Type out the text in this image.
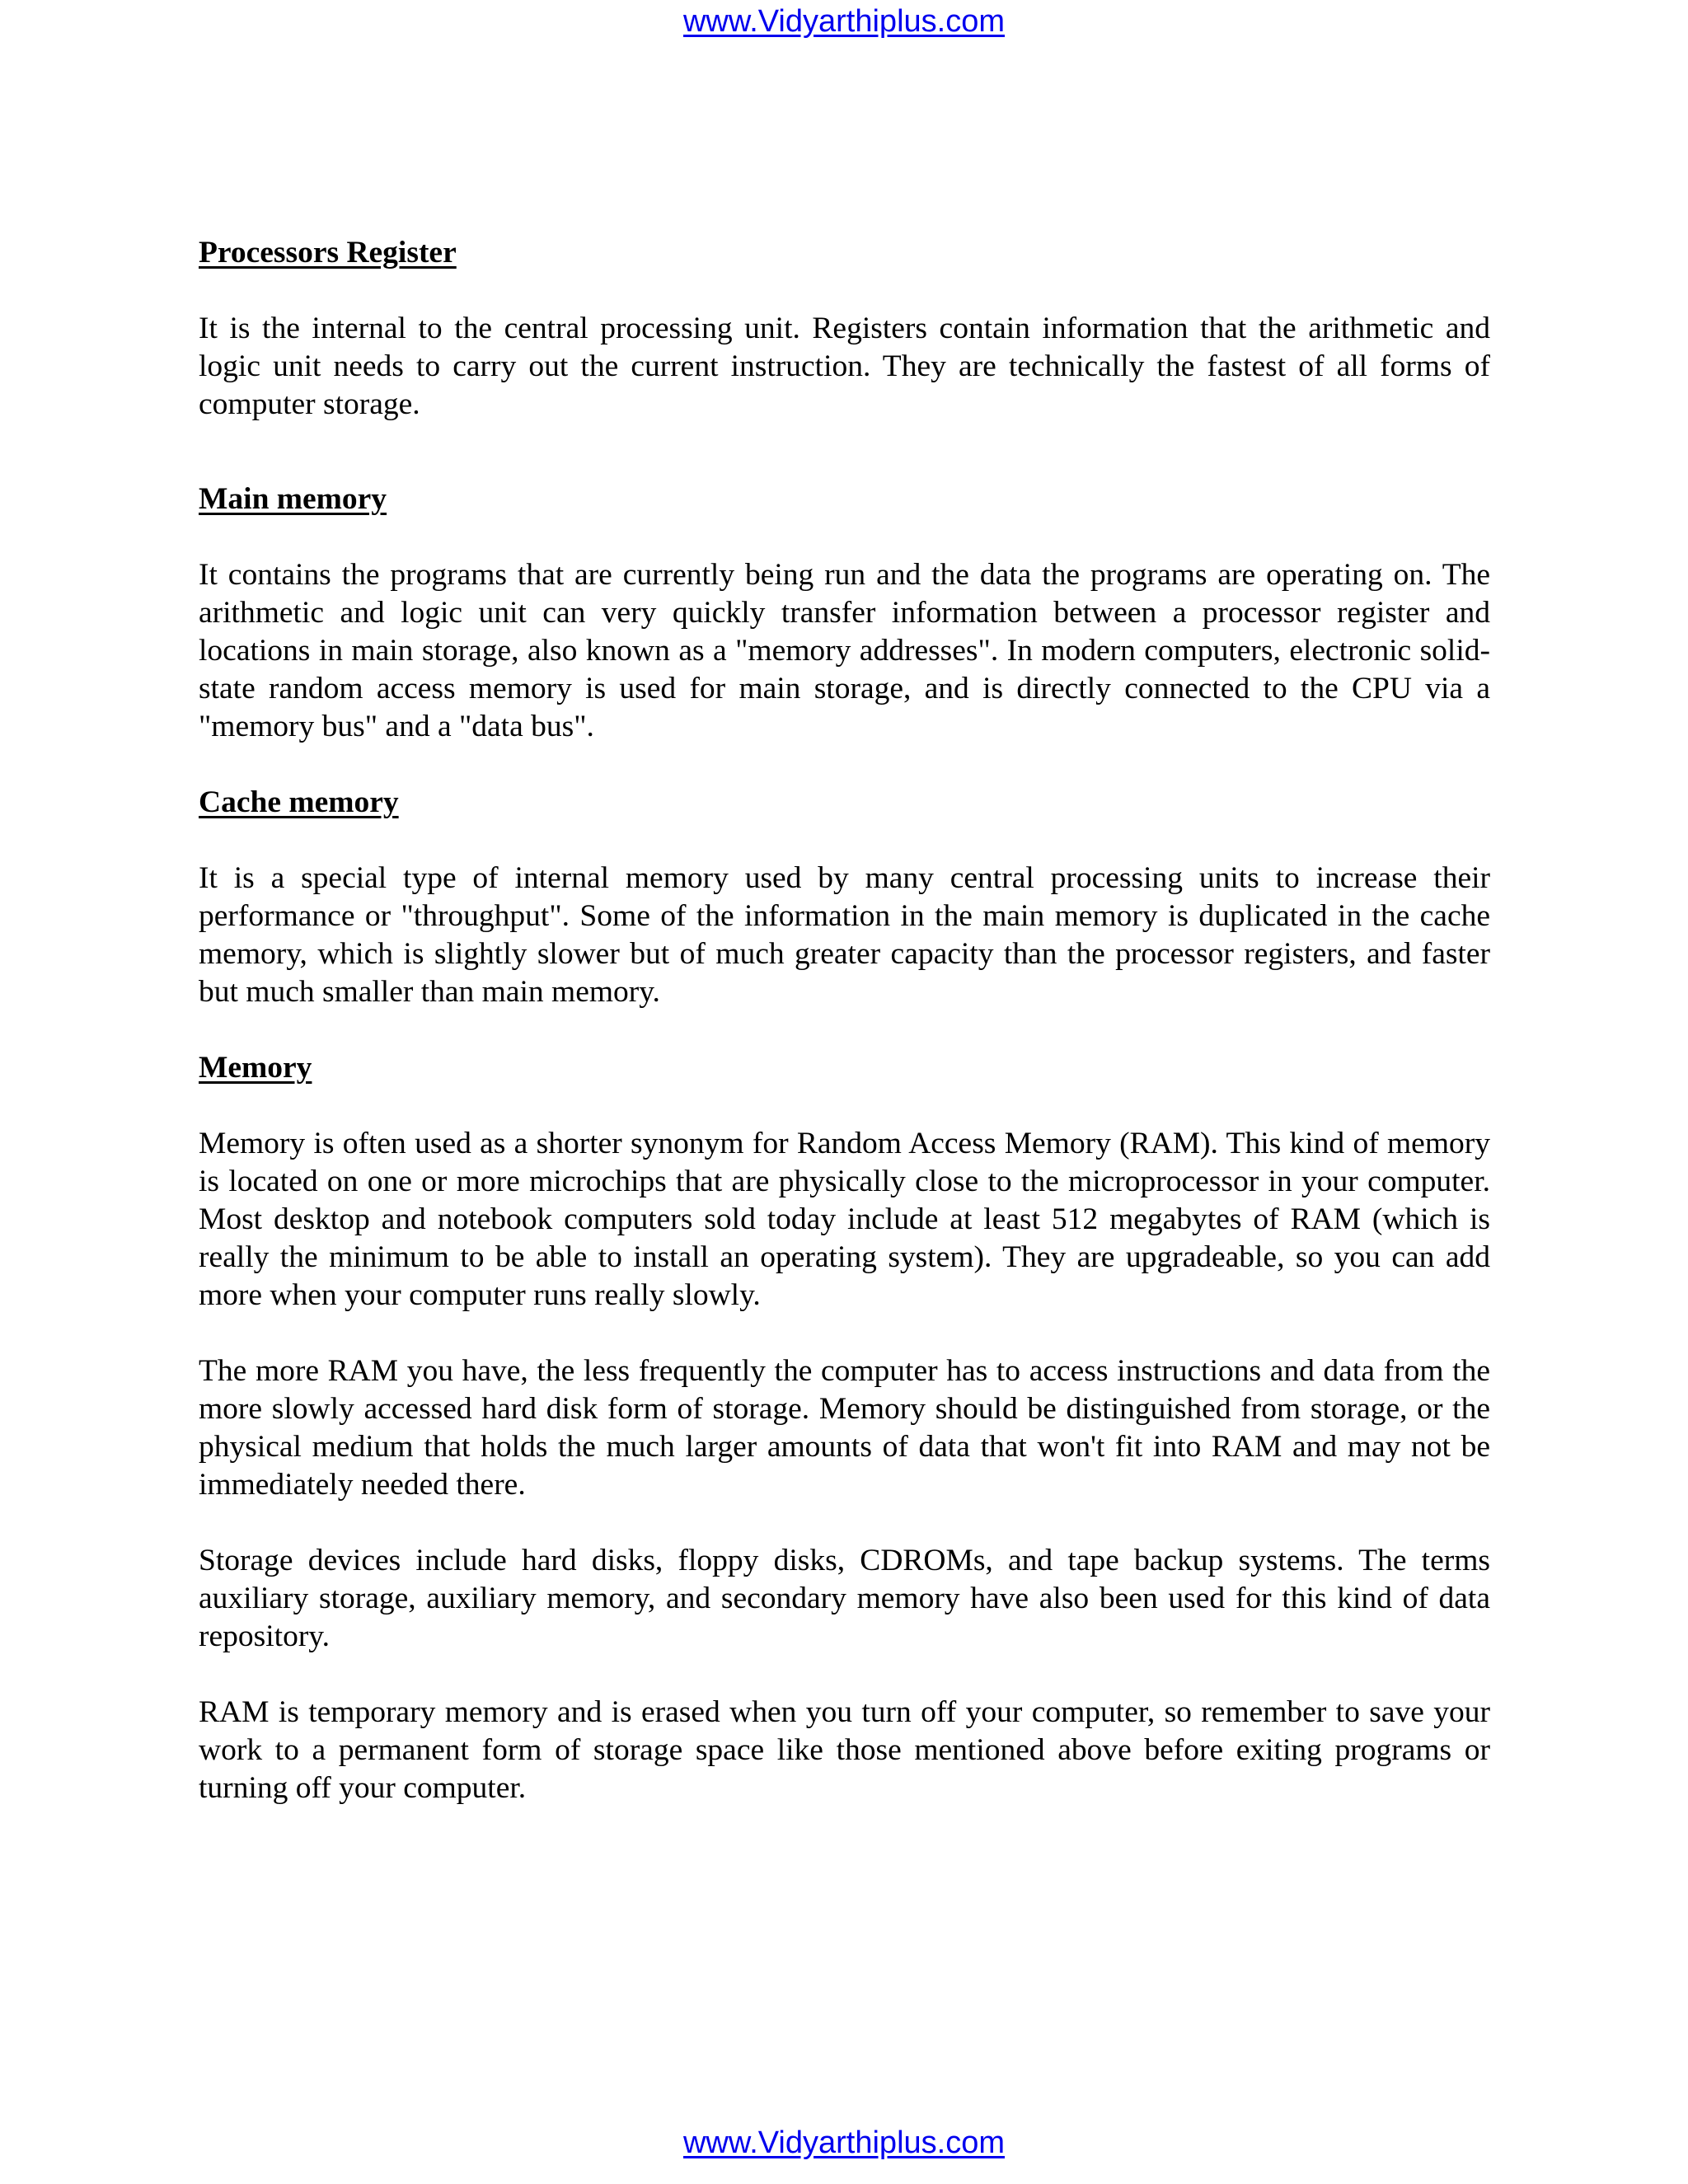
www.Vidyarthiplus.com
Processors Register

It is the internal to the central processing unit. Registers contain information that the arithmetic and logic unit needs to carry out the current instruction. They are technically the fastest of all forms of computer storage.

Main memory

It contains the programs that are currently being run and the data the programs are operating on. The arithmetic and logic unit can very quickly transfer information between a processor register and locations in main storage, also known as a "memory addresses". In modern computers, electronic solid-state random access memory is used for main storage, and is directly connected to the CPU via a "memory bus" and a "data bus".

Cache memory

It is a special type of internal memory used by many central processing units to increase their performance or "throughput". Some of the information in the main memory is duplicated in the cache memory, which is slightly slower but of much greater capacity than the processor registers, and faster but much smaller than main memory.

Memory

Memory is often used as a shorter synonym for Random Access Memory (RAM). This kind of memory is located on one or more microchips that are physically close to the microprocessor in your computer. Most desktop and notebook computers sold today include at least 512 megabytes of RAM (which is really the minimum to be able to install an operating system). They are upgradeable, so you can add more when your computer runs really slowly.

The more RAM you have, the less frequently the computer has to access instructions and data from the more slowly accessed hard disk form of storage. Memory should be distinguished from storage, or the physical medium that holds the much larger amounts of data that won't fit into RAM and may not be immediately needed there.

Storage devices include hard disks, floppy disks, CDROMs, and tape backup systems. The terms auxiliary storage, auxiliary memory, and secondary memory have also been used for this kind of data repository.

RAM is temporary memory and is erased when you turn off your computer, so remember to save your work to a permanent form of storage space like those mentioned above before exiting programs or turning off your computer.

www.Vidyarthiplus.com
